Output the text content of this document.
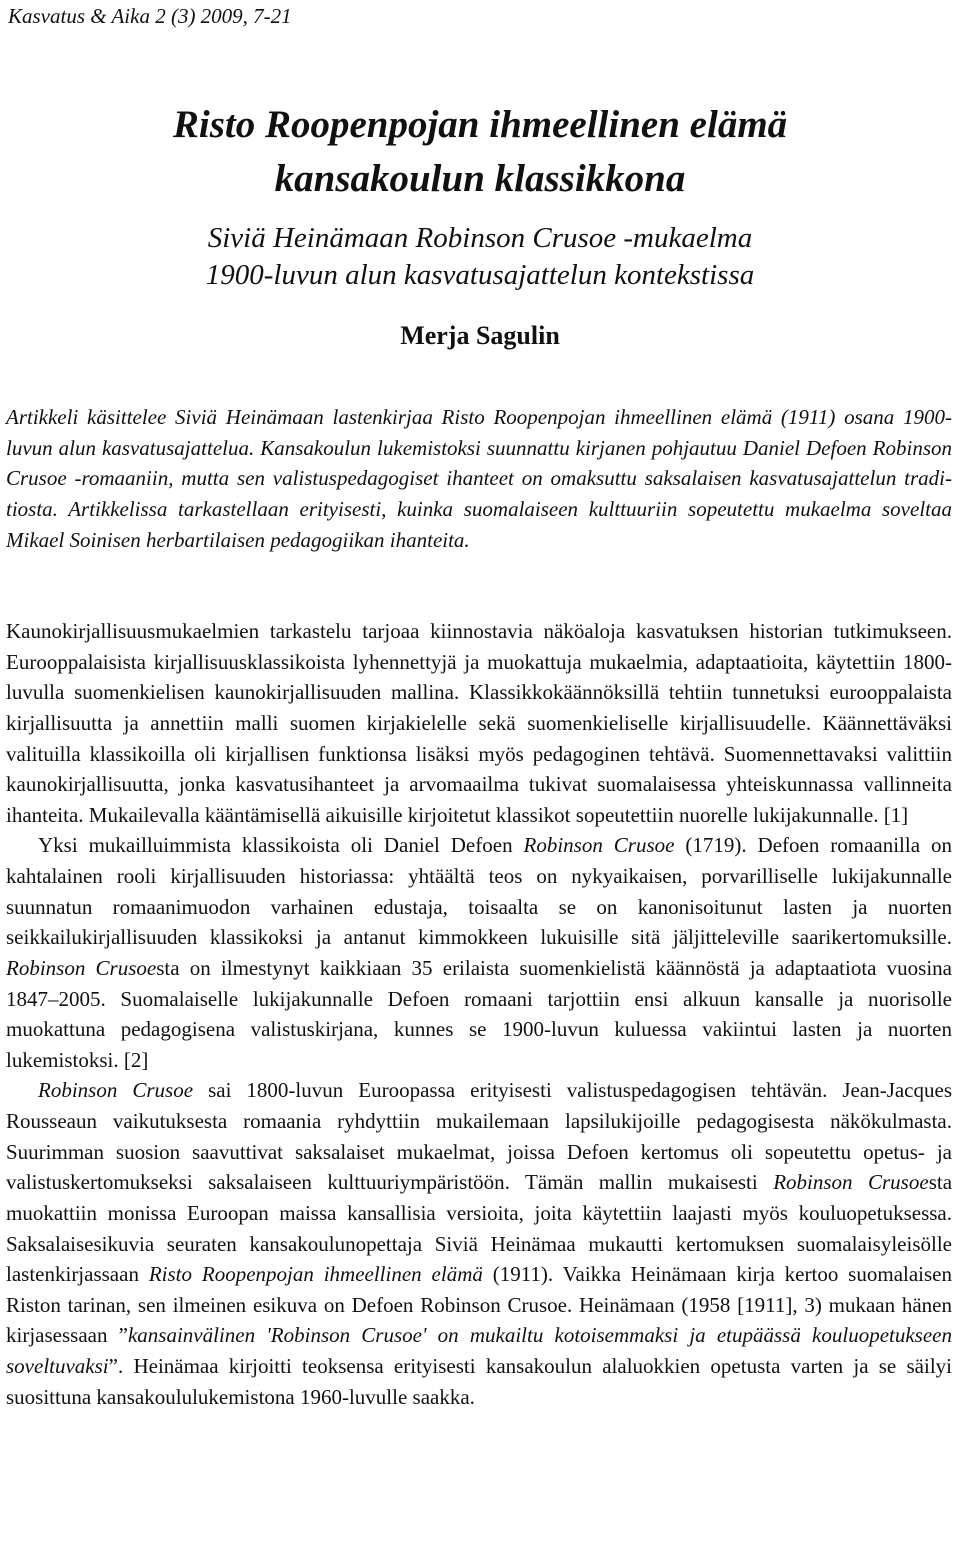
Kasvatus & Aika 2 (3) 2009, 7-21
Risto Roopenpojan ihmeellinen elämä
kansakoulun klassikkona
Siviä Heinämaan Robinson Crusoe -mukaelma
1900-luvun alun kasvatusajattelun kontekstissa
Merja Sagulin
Artikkeli käsittelee Siviä Heinämaan lastenkirjaa Risto Roopenpojan ihmeellinen elämä (1911) osana 1900-luvun alun kasvatusajattelua. Kansakoulun lukemistoksi suunnattu kirjanen pohjautuu Daniel Defoen Robinson Crusoe -romaaniin, mutta sen valistuspedagogiset ihanteet on omaksuttu saksalaisen kasvatusajattelun traditiosta. Artikkelissa tarkastellaan erityisesti, kuinka suomalaiseen kulttuuriin sopeutettu mukaelma soveltaa Mikael Soinisen herbartilaisen pedagogiikan ihanteita.

Kaunokirjallisuusmukaelmien tarkastelu tarjoaa kiinnostavia näköaloja kasvatuksen historian tutkimukseen. Eurooppalaisista kirjallisuusklassikoista lyhennettyjä ja muokattuja mukaelmia, adaptaatioita, käytettiin 1800-luvulla suomenkielisen kaunokirjallisuuden mallina. Klassikkokäännöksillä tehtiin tunnetuksi eurooppalaista kirjallisuutta ja annettiin malli suomen kirjakielelle sekä suomenkieliselle kirjallisuudelle. Käännettäväksi valituilla klassikoilla oli kirjallisen funktionsa lisäksi myös pedagoginen tehtävä. Suomennettavaksi valittiin kaunokirjallisuutta, jonka kasvatusihanteet ja arvomaailma tukivat suomalaisessa yhteiskunnassa vallinneita ihanteita. Mukailevalla kääntämisellä aikuisille kirjoitetut klassikot sopeutettiin nuorelle lukijakunnalle. [1]

Yksi mukailluimmista klassikoista oli Daniel Defoen Robinson Crusoe (1719). Defoen romaanilla on kahtalainen rooli kirjallisuuden historiassa: yhtäältä teos on nykyaikaisen, porvarilliselle lukijakunnalle suunnatun romaanimuodon varhainen edustaja, toisaalta se on kanonisoitunut lasten ja nuorten seikkailukirjallisuuden klassikoksi ja antanut kimmokkeen lukuisille sitä jäljitteleville saarikertomuksille. Robinson Crusoesta on ilmestynyt kaikkiaan 35 erilaista suomenkielistä käännöstä ja adaptaatiota vuosina 1847–2005. Suomalaiselle lukijakunnalle Defoen romaani tarjottiin ensi alkuun kansalle ja nuorisolle muokattuna pedagogisena valistuskirjana, kunnes se 1900-luvun kuluessa vakiintui lasten ja nuorten lukemistoksi. [2]

Robinson Crusoe sai 1800-luvun Euroopassa erityisesti valistuspedagogisen tehtävän. Jean-Jacques Rousseaun vaikutuksesta romaania ryhdyttiin mukailemaan lapsilukijoille pedagogisesta näkökulmasta. Suurimman suosion saavuttivat saksalaiset mukaelmat, joissa Defoen kertomus oli sopeutettu opetus- ja valistuskertomukseksi saksalaiseen kulttuuriympäristöön. Tämän mallin mukaisesti Robinson Crusoesta muokattiin monissa Euroopan maissa kansallisia versioita, joita käytettiin laajasti myös kouluopetuksessa. Saksalaisesikuvia seuraten kansakoulunopettaja Siviä Heinämaa mukautti kertomuksen suomalaisyleisölle lastenkirjassaan Risto Roopenpojan ihmeellinen elämä (1911). Vaikka Heinämaan kirja kertoo suomalaisen Riston tarinan, sen ilmeinen esikuva on Defoen Robinson Crusoe. Heinämaan (1958 [1911], 3) mukaan hänen kirjasessaan ”kansainvälinen 'Robinson Crusoe' on mukailtu kotoisemmaksi ja etupäässä kouluopetukseen soveltuvaksi”. Heinämaa kirjoitti teoksensa erityisesti kansakoulun alaluokkien opetusta varten ja se säilyi suosittuna kansakoululukemistona 1960-luvulle saakka.
